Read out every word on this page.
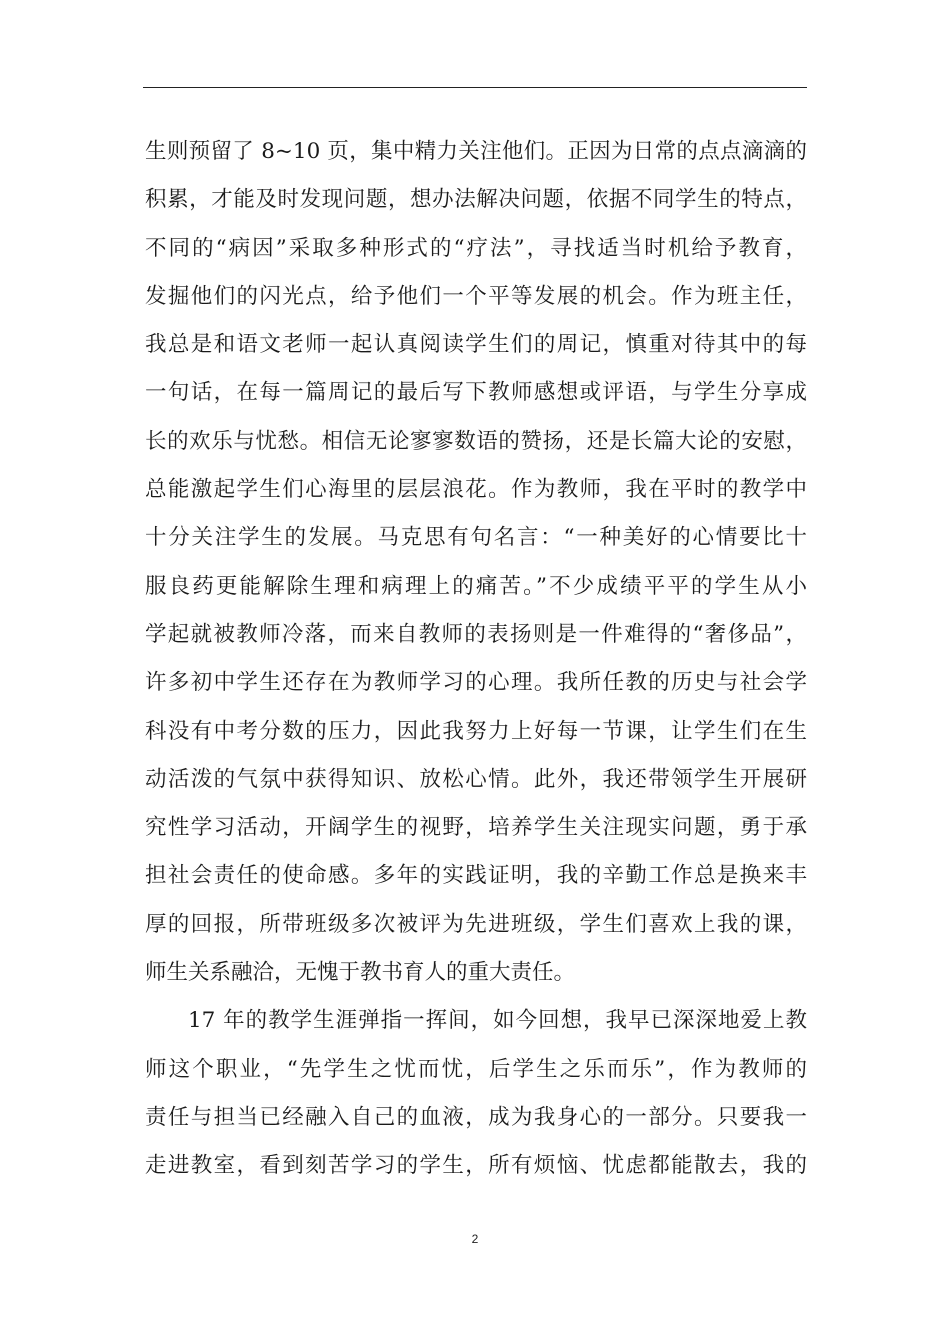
生则预留了 8~10 页，集中精力关注他们。正因为日常的点点滴滴的
积累，才能及时发现问题，想办法解决问题，依据不同学生的特点，
不同的“病因”采取多种形式的“疗法”，寻找适当时机给予教育，
发掘他们的闪光点，给予他们一个平等发展的机会。作为班主任，
我总是和语文老师一起认真阅读学生们的周记，慎重对待其中的每
一句话，在每一篇周记的最后写下教师感想或评语，与学生分享成
长的欢乐与忧愁。相信无论寥寥数语的赞扬，还是长篇大论的安慰，
总能激起学生们心海里的层层浪花。作为教师，我在平时的教学中
十分关注学生的发展。马克思有句名言：“一种美好的心情要比十
服良药更能解除生理和病理上的痛苦。”不少成绩平平的学生从小
学起就被教师冷落，而来自教师的表扬则是一件难得的“奢侈品”，
许多初中学生还存在为教师学习的心理。我所任教的历史与社会学
科没有中考分数的压力，因此我努力上好每一节课，让学生们在生
动活泼的气氛中获得知识、放松心情。此外，我还带领学生开展研
究性学习活动，开阔学生的视野，培养学生关注现实问题，勇于承
担社会责任的使命感。多年的实践证明，我的辛勤工作总是换来丰
厚的回报，所带班级多次被评为先进班级，学生们喜欢上我的课，
师生关系融洽，无愧于教书育人的重大责任。
17 年的教学生涯弹指一挥间，如今回想，我早已深深地爱上教
师这个职业，“先学生之忧而忧，后学生之乐而乐”，作为教师的
责任与担当已经融入自己的血液，成为我身心的一部分。只要我一
走进教室，看到刻苦学习的学生，所有烦恼、忧虑都能散去，我的
2
